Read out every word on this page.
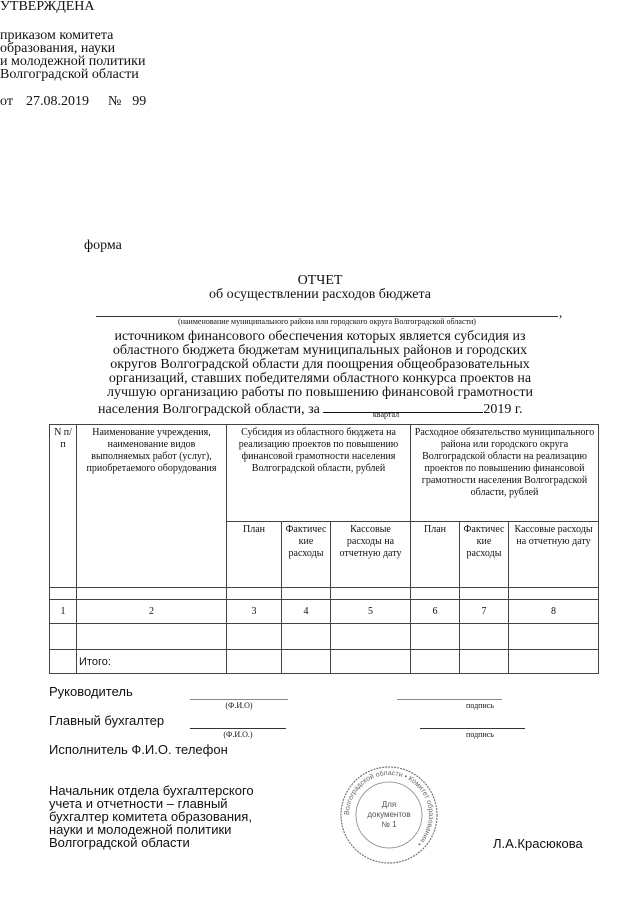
УТВЕРЖДЕНА
приказом комитета
образования, науки
и молодежной политики
Волгоградской области
от 27.08.2019 № 99
форма
ОТЧЕТ
об осуществлении расходов бюджета
,
(наименование муниципального района или городского округа Волгоградской области)
источником финансового обеспечения которых является субсидия из
областного бюджета бюджетам муниципальных районов и городских
округов Волгоградской области для поощрения общеобразовательных
организаций, ставших победителями областного конкурса проектов на
лучшую организацию работы по повышению финансовой грамотности
населения Волгоградской области, за	2019 г.
квартал
N п/п	Наименование учреждения, наименование видов выполняемых работ (услуг), приобретаемого оборудования	Субсидия из областного бюджета на реализацию проектов по повышению финансовой грамотности населения Волгоградской области, рублей			Расходное обязательство муниципального района или городского округа Волгоградской области на реализацию проектов по повышению финансовой грамотности населения Волгоградской области, рублей		
		План	Фактичес кие расходы	Кассовые расходы на отчетную дату	План	Фактичес кие расходы	Кассовые расходы на отчетную дату

1	2	3	4	5	6	7	8

	Итого:						
Руководитель
(Ф.И.О)	подпись
Главный бухгалтер
(Ф.И.О.)	подпись
Исполнитель Ф.И.О. телефон
Начальник отдела бухгалтерского
учета и отчетности – главный
бухгалтер комитета образования,
науки и молодежной политики
Волгоградской области	Л.А.Красюкова
Волгоградской области • Комитет образования •
Для
документов
№ 1
